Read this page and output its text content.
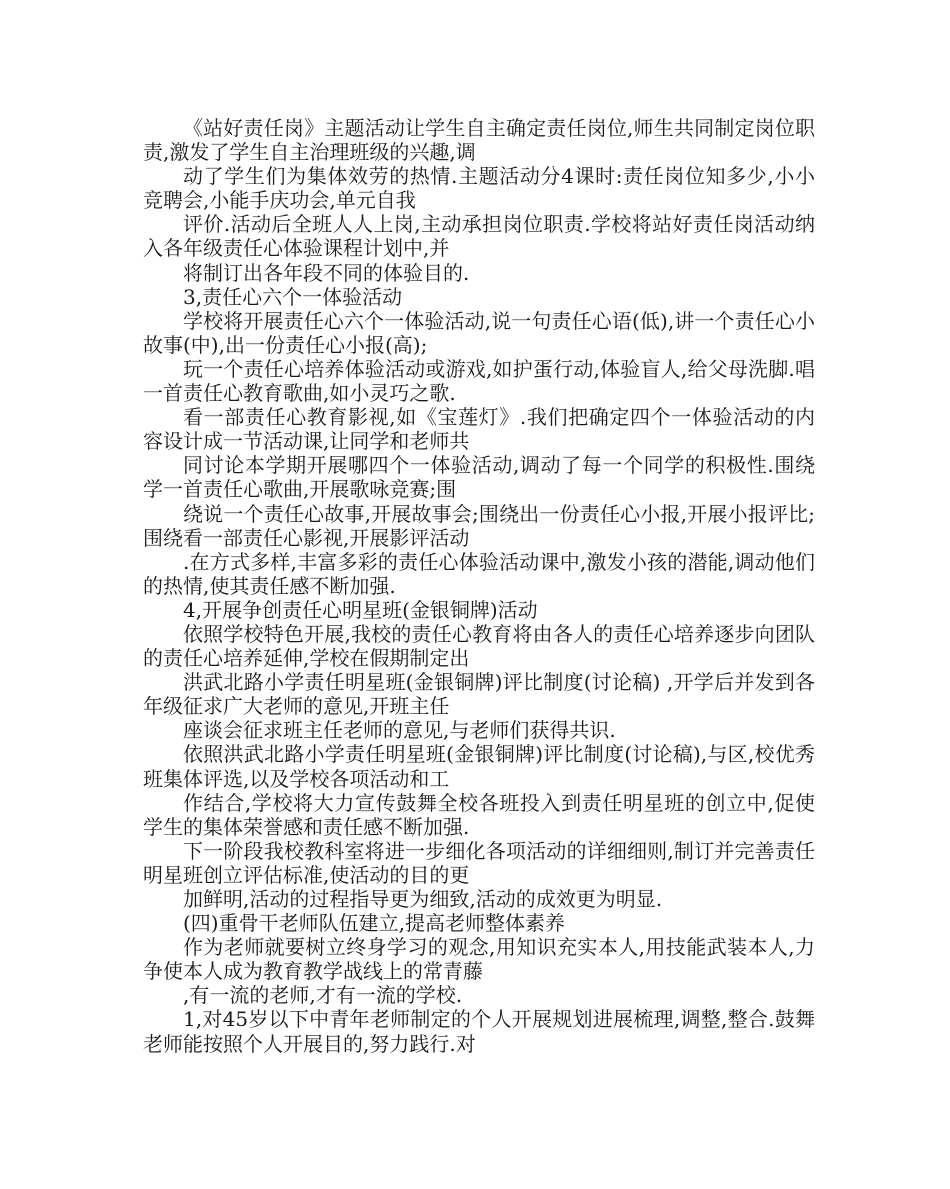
《站好责任岗》主题活动让学生自主确定责任岗位,师生共同制定岗位职责,激发了学生自主治理班级的兴趣,调

动了学生们为集体效劳的热情.主题活动分4课时:责任岗位知多少,小小竞聘会,小能手庆功会,单元自我

评价.活动后全班人人上岗,主动承担岗位职责.学校将站好责任岗活动纳入各年级责任心体验课程计划中,并

将制订出各年段不同的体验目的.

3,责任心六个一体验活动

学校将开展责任心六个一体验活动,说一句责任心语(低),讲一个责任心小故事(中),出一份责任心小报(高);

玩一个责任心培养体验活动或游戏,如护蛋行动,体验盲人,给父母洗脚.唱一首责任心教育歌曲,如小灵巧之歌.

看一部责任心教育影视,如《宝莲灯》.我们把确定四个一体验活动的内容设计成一节活动课,让同学和老师共

同讨论本学期开展哪四个一体验活动,调动了每一个同学的积极性.围绕学一首责任心歌曲,开展歌咏竞赛;围

绕说一个责任心故事,开展故事会;围绕出一份责任心小报,开展小报评比;围绕看一部责任心影视,开展影评活动

.在方式多样,丰富多彩的责任心体验活动课中,激发小孩的潜能,调动他们的热情,使其责任感不断加强.

4,开展争创责任心明星班(金银铜牌)活动

依照学校特色开展,我校的责任心教育将由各人的责任心培养逐步向团队的责任心培养延伸,学校在假期制定出

洪武北路小学责任明星班(金银铜牌)评比制度(讨论稿) ,开学后并发到各年级征求广大老师的意见,开班主任

座谈会征求班主任老师的意见,与老师们获得共识.

依照洪武北路小学责任明星班(金银铜牌)评比制度(讨论稿),与区,校优秀班集体评选,以及学校各项活动和工

作结合,学校将大力宣传鼓舞全校各班投入到责任明星班的创立中,促使学生的集体荣誉感和责任感不断加强.

下一阶段我校教科室将进一步细化各项活动的详细细则,制订并完善责任明星班创立评估标准,使活动的目的更

加鲜明,活动的过程指导更为细致,活动的成效更为明显.

(四)重骨干老师队伍建立,提高老师整体素养

作为老师就要树立终身学习的观念,用知识充实本人,用技能武装本人,力争使本人成为教育教学战线上的常青藤

,有一流的老师,才有一流的学校.

1,对45岁以下中青年老师制定的个人开展规划进展梳理,调整,整合.鼓舞老师能按照个人开展目的,努力践行.对
